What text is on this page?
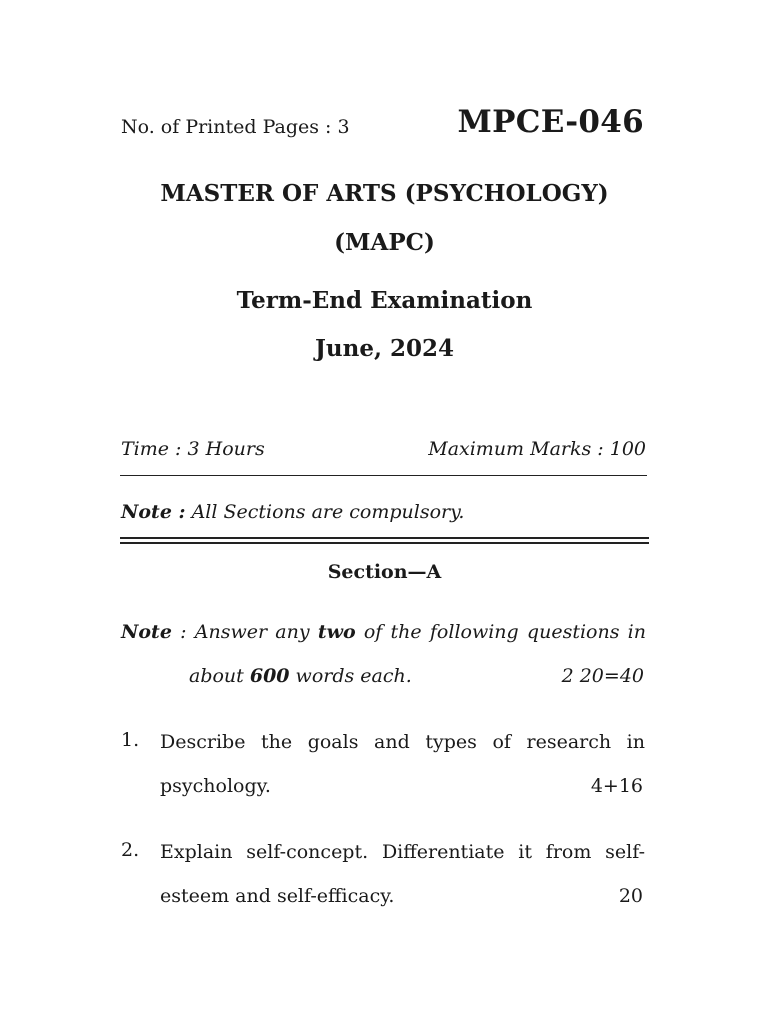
No. of Printed Pages : 3	MPCE-046
MASTER OF ARTS (PSYCHOLOGY)
(MAPC)
Term-End Examination
June, 2024
Time : 3 Hours	Maximum Marks : 100
Note : All Sections are compulsory.
Section—A
Note : Answer any two of the following questions in
about 600 words each.	2 20=40
1. Describe the goals and types of research in
psychology.	4+16
2. Explain self-concept. Differentiate it from self-
esteem and self-efficacy.	20
